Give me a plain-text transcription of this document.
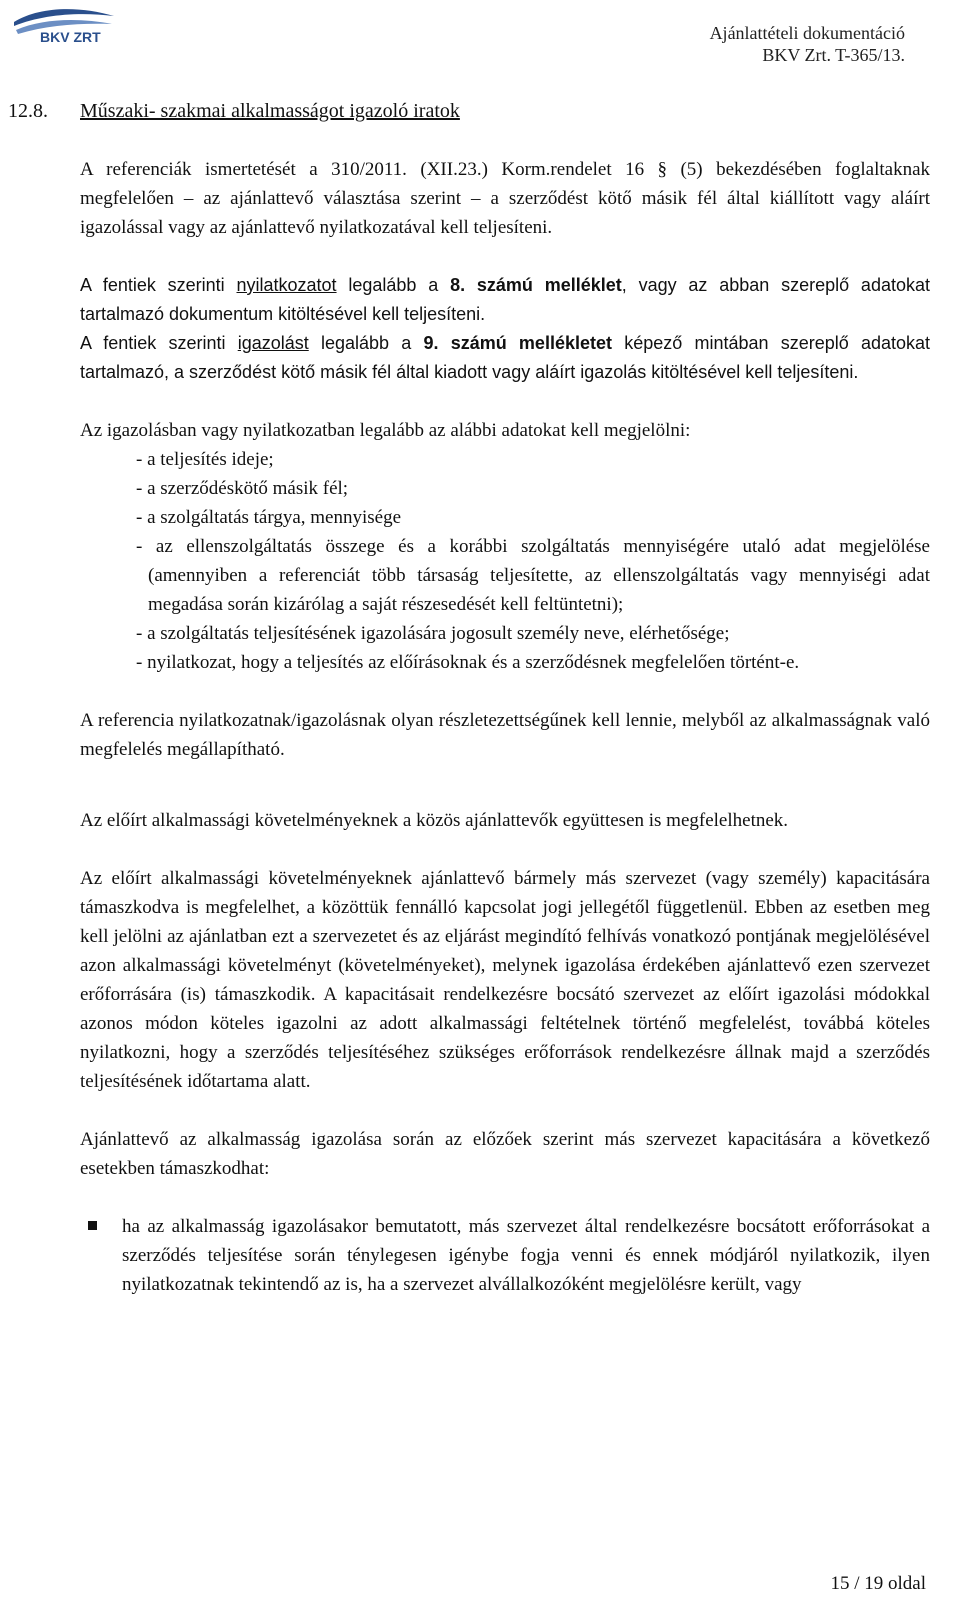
BKV ZRT	Ajánlattételi dokumentáció
BKV Zrt. T-365/13.
12.8. Műszaki- szakmai alkalmasságot igazoló iratok

A referenciák ismertetését a 310/2011. (XII.23.) Korm.rendelet 16 § (5) bekezdésében foglaltaknak megfelelően – az ajánlattevő választása szerint – a szerződést kötő másik fél által kiállított vagy aláírt igazolással vagy az ajánlattevő nyilatkozatával kell teljesíteni.

A fentiek szerinti nyilatkozatot legalább a 8. számú melléklet, vagy az abban szereplő adatokat tartalmazó dokumentum kitöltésével kell teljesíteni.

A fentiek szerinti igazolást legalább a 9. számú mellékletet képező mintában szereplő adatokat tartalmazó, a szerződést kötő másik fél által kiadott vagy aláírt igazolás kitöltésével kell teljesíteni.

Az igazolásban vagy nyilatkozatban legalább az alábbi adatokat kell megjelölni:

- a teljesítés ideje;
- a szerződéskötő másik fél;
- a szolgáltatás tárgya, mennyisége
- az ellenszolgáltatás összege és a korábbi szolgáltatás mennyiségére utaló adat megjelölése (amennyiben a referenciát több társaság teljesítette, az ellenszolgáltatás vagy mennyiségi adat megadása során kizárólag a saját részesedését kell feltüntetni);
- a szolgáltatás teljesítésének igazolására jogosult személy neve, elérhetősége;
- nyilatkozat, hogy a teljesítés az előírásoknak és a szerződésnek megfelelően történt-e.

A referencia nyilatkozatnak/igazolásnak olyan részletezettségűnek kell lennie, melyből az alkalmasságnak való megfelelés megállapítható.

Az előírt alkalmassági követelményeknek a közös ajánlattevők együttesen is megfelelhetnek.

Az előírt alkalmassági követelményeknek ajánlattevő bármely más szervezet (vagy személy) kapacitására támaszkodva is megfelelhet, a közöttük fennálló kapcsolat jogi jellegétől függetlenül. Ebben az esetben meg kell jelölni az ajánlatban ezt a szervezetet és az eljárást megindító felhívás vonatkozó pontjának megjelölésével azon alkalmassági követelményt (követelményeket), melynek igazolása érdekében ajánlattevő ezen szervezet erőforrására (is) támaszkodik. A kapacitásait rendelkezésre bocsátó szervezet az előírt igazolási módokkal azonos módon köteles igazolni az adott alkalmassági feltételnek történő megfelelést, továbbá köteles nyilatkozni, hogy a szerződés teljesítéséhez szükséges erőforrások rendelkezésre állnak majd a szerződés teljesítésének időtartama alatt.

Ajánlattevő az alkalmasság igazolása során az előzőek szerint más szervezet kapacitására a következő esetekben támaszkodhat:

ha az alkalmasság igazolásakor bemutatott, más szervezet által rendelkezésre bocsátott erőforrásokat a szerződés teljesítése során ténylegesen igénybe fogja venni és ennek módjáról nyilatkozik, ilyen nyilatkozatnak tekintendő az is, ha a szervezet alvállalkozóként megjelölésre került, vagy
15 / 19 oldal
